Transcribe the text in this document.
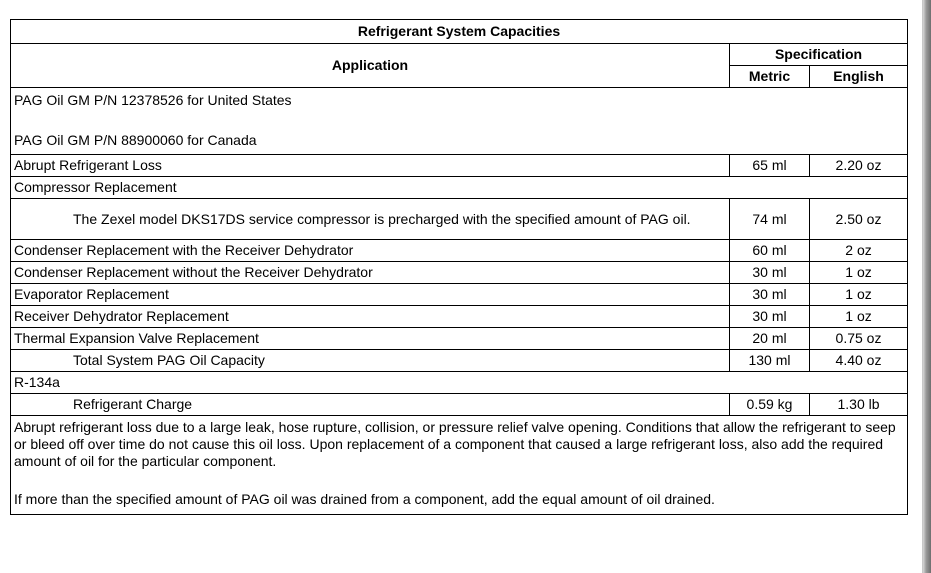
Refrigerant System Capacities		
Application	Specification	
	Metric	English

PAG Oil GM P/N 12378526 for United States
PAG Oil GM P/N 88900060 for Canada		

Abrupt Refrigerant Loss	65 ml	2.20 oz
Compressor Replacement		
The Zexel model DKS17DS service compressor is precharged with the specified amount of PAG oil.	74 ml	2.50 oz
Condenser Replacement with the Receiver Dehydrator	60 ml	2 oz
Condenser Replacement without the Receiver Dehydrator	30 ml	1 oz
Evaporator Replacement	30 ml	1 oz
Receiver Dehydrator Replacement	30 ml	1 oz
Thermal Expansion Valve Replacement	20 ml	0.75 oz
Total System PAG Oil Capacity	130 ml	4.40 oz
R-134a		
Refrigerant Charge	0.59 kg	1.30 lb

Abrupt refrigerant loss due to a large leak, hose rupture, collision, or pressure relief valve opening. Conditions that allow the refrigerant to seep or bleed off over time do not cause this oil loss. Upon replacement of a component that caused a large refrigerant loss, also add the required amount of oil for the particular component.

If more than the specified amount of PAG oil was drained from a component, add the equal amount of oil drained.		
